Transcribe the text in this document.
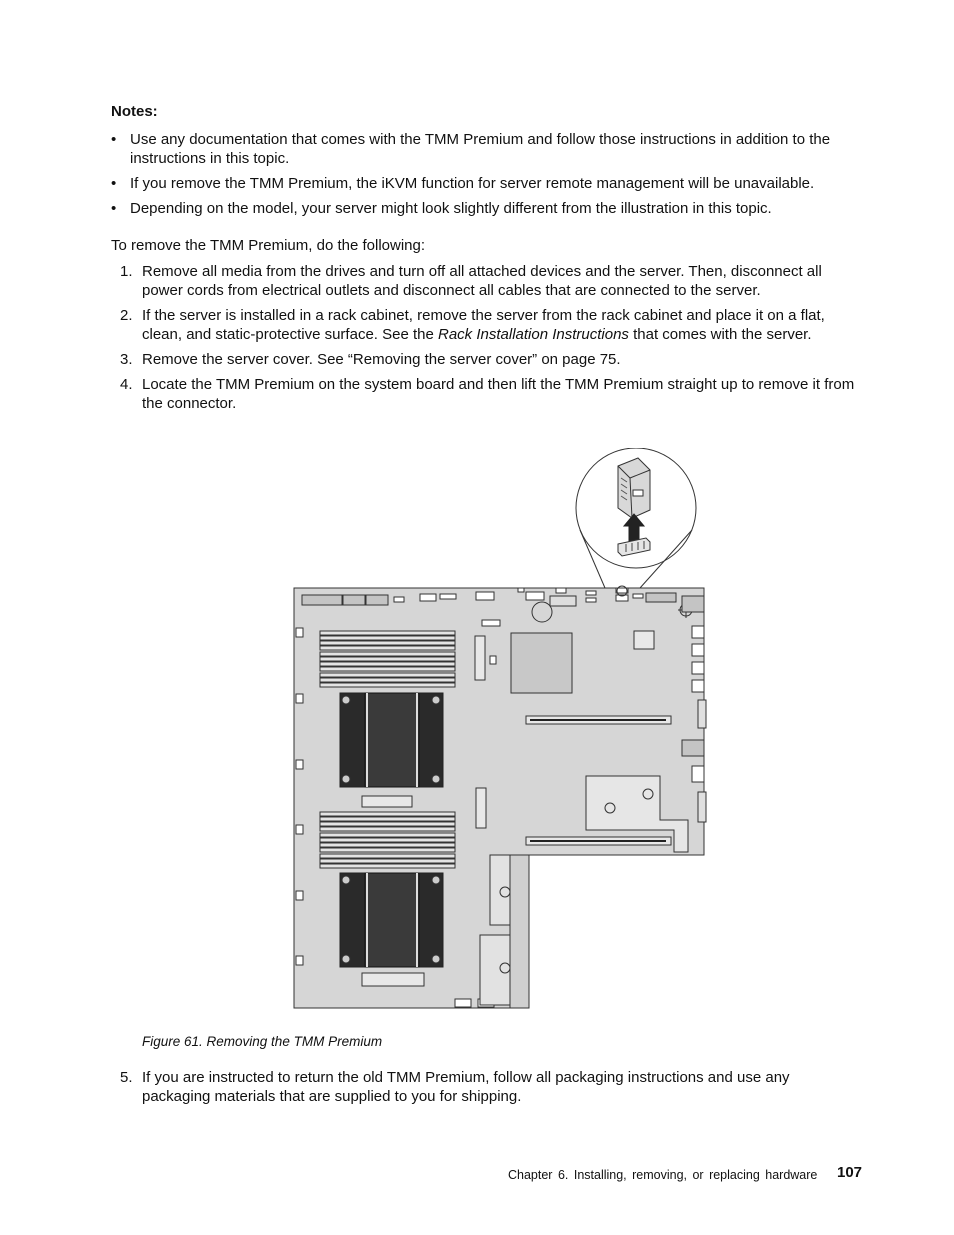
Notes:
• Use any documentation that comes with the TMM Premium and follow those instructions in addition to the instructions in this topic.
• If you remove the TMM Premium, the iKVM function for server remote management will be unavailable.
• Depending on the model, your server might look slightly different from the illustration in this topic.
To remove the TMM Premium, do the following:
1. Remove all media from the drives and turn off all attached devices and the server. Then, disconnect all power cords from electrical outlets and disconnect all cables that are connected to the server.
2. If the server is installed in a rack cabinet, remove the server from the rack cabinet and place it on a flat, clean, and static-protective surface. See the Rack Installation Instructions that comes with the server.
3. Remove the server cover. See “Removing the server cover” on page 75.
4. Locate the TMM Premium on the system board and then lift the TMM Premium straight up to remove it from the connector.
Figure 61. Removing the TMM Premium
5. If you are instructed to return the old TMM Premium, follow all packaging instructions and use any packaging materials that are supplied to you for shipping.
Chapter 6. Installing, removing, or replacing hardware 107
